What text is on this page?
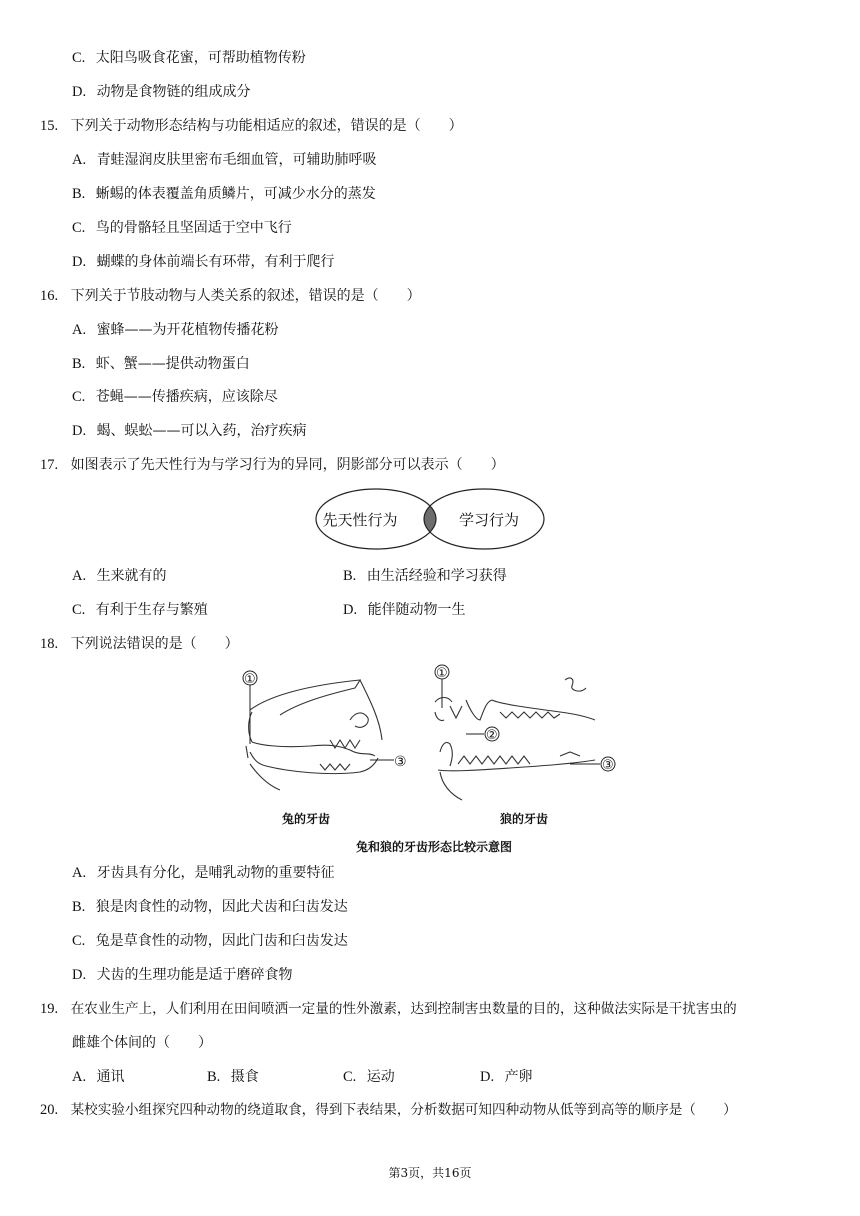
C. 太阳鸟吸食花蜜，可帮助植物传粉
D. 动物是食物链的组成成分
15. 下列关于动物形态结构与功能相适应的叙述，错误的是（　　）
A. 青蛙湿润皮肤里密布毛细血管，可辅助肺呼吸
B. 蜥蜴的体表覆盖角质鳞片，可减少水分的蒸发
C. 鸟的骨骼轻且坚固适于空中飞行
D. 蝴蝶的身体前端长有环带，有利于爬行
16. 下列关于节肢动物与人类关系的叙述，错误的是（　　）
A. 蜜蜂——为开花植物传播花粉
B. 虾、蟹——提供动物蛋白
C. 苍蝇——传播疾病，应该除尽
D. 蝎、蜈蚣——可以入药，治疗疾病
17. 如图表示了先天性行为与学习行为的异同，阴影部分可以表示（　　）
先天性行为	学习行为
A. 生来就有的	B. 由生活经验和学习获得
C. 有利于生存与繁殖	D. 能伴随动物一生
18. 下列说法错误的是（　　）
①
③
①
②
③
兔的牙齿	狼的牙齿
兔和狼的牙齿形态比较示意图
A. 牙齿具有分化，是哺乳动物的重要特征
B. 狼是肉食性的动物，因此犬齿和臼齿发达
C. 兔是草食性的动物，因此门齿和臼齿发达
D. 犬齿的生理功能是适于磨碎食物
19. 在农业生产上，人们利用在田间喷洒一定量的性外激素，达到控制害虫数量的目的，这种做法实际是干扰害虫的
雌雄个体间的（　　）
A. 通讯	B. 摄食	C. 运动	D. 产卵
20. 某校实验小组探究四种动物的绕道取食，得到下表结果，分析数据可知四种动物从低等到高等的顺序是（　　）
第3页，共16页
